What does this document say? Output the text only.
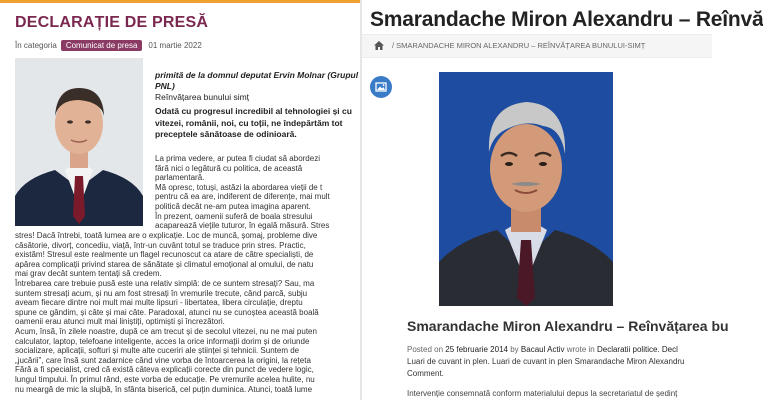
DECLARAȚIE DE PRESĂ
În categoria Comunicat de presa 01 martie 2022
primită de la domnul deputat Ervin Molnar (Grupul
PNL)
Reînvățarea bunului simț
Odată cu progresul incredibil al tehnologiei și cu
vitezei, românii, noi, cu toții, ne îndepărtăm tot
preceptele sănătoase de odinioară.
La prima vedere, ar putea fi ciudat să abordezi
fără nici o legătură cu politica, de această
parlamentară.
Mă opresc, totuși, astăzi la abordarea vieții de t
pentru că ea are, indiferent de diferențe, mai mult
politică decât ne-am putea imagina aparent.
În prezent, oamenii suferă de boala stresului
acaparează viețile tuturor, în egală măsură. Stres
stres! Dacă întrebi, toată lumea are o explicație. Loc de muncă, șomaj, probleme dive
căsătorie, divorț, concediu, viață, într-un cuvânt totul se traduce prin stres. Practic,
existăm! Stresul este realmente un flagel recunoscut ca atare de către specialiști, de
apărea complicații privind starea de sănătate și climatul emoțional al omului, de natu
mai grav decât suntem tentați să credem.
Întrebarea care trebuie pusă este una relativ simplă: de ce suntem stresați? Sau, ma
suntem stresați acum, și nu am fost stresați în vremurile trecute, când parcă, subju
aveam fiecare dintre noi mult mai multe lipsuri - libertatea, libera circulație, dreptu
spune ce gândim, și câte și mai câte. Paradoxal, atunci nu se cunoștea această boală
oamenii erau atunci mult mai liniștiți, optimiști și încrezători.
Acum, însă, în zilele noastre, după ce am trecut și de secolul vitezei, nu ne mai puten
calculator, laptop, telefoane inteligente, acces la orice informații dorim și de oriunde
socializare, aplicații, softuri și multe alte cuceriri ale științei și tehnicii. Suntem de
„jucării", care însă sunt zadarnice când vine vorba de întoarcerea la origini, la rețeta
Fără a fi specialist, cred că există câteva explicații corecte din punct de vedere logic,
lungul timpului. În primul rând, este vorba de educație. Pe vremurile acelea hulite, nu
nu meargă de mic la slujbă, în sfânta biserică, cel puțin duminica. Atunci, toată lume
Smarandache Miron Alexandru – Reînvă
/ SMARANDACHE MIRON ALEXANDRU – REÎNVĂȚAREA BUNULUI-SIMȚ
Smarandache Miron Alexandru – Reînvățarea bu
Posted on 25 februarie 2014 by Bacaul Activ wrote in Declaratii politice. Decl
Luari de cuvant in plen. Luari de cuvant in plen Smarandache Miron Alexandru
Comment.
Intervenție consemnată conform materialului depus la secretariatul de ședinț
